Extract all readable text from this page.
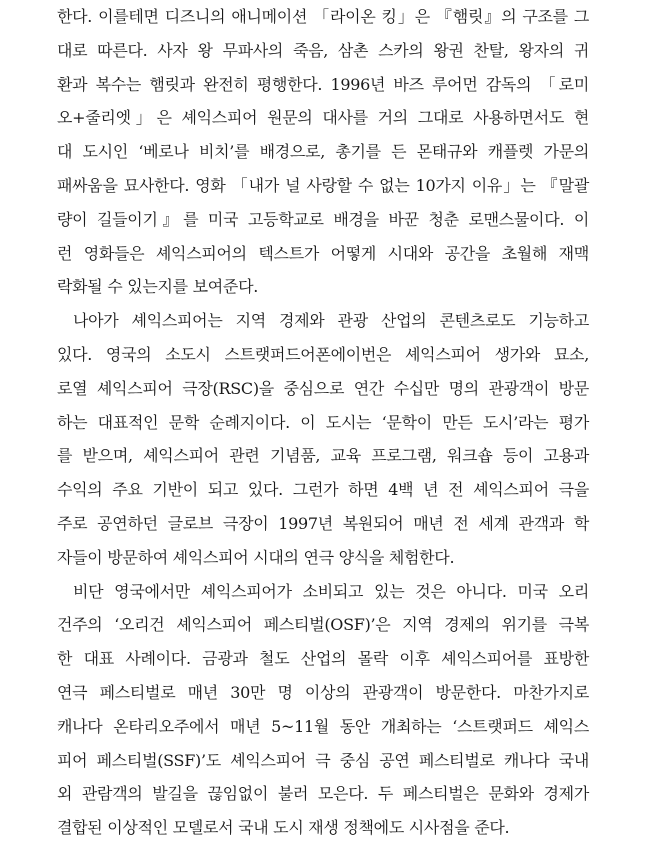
한다. 이를테면 디즈니의 애니메이션 「라이온 킹」은 『햄릿』의 구조를 그
대로 따른다. 사자 왕 무파사의 죽음, 삼촌 스카의 왕권 찬탈, 왕자의 귀
환과 복수는 햄릿과 완전히 평행한다. 1996년 바즈 루어먼 감독의 「로미
오+줄리엣」은 셰익스피어 원문의 대사를 거의 그대로 사용하면서도 현
대 도시인 ‘베로나 비치’를 배경으로, 총기를 든 몬태규와 캐플렛 가문의
패싸움을 묘사한다. 영화 「내가 널 사랑할 수 없는 10가지 이유」는 『말괄
량이 길들이기』를 미국 고등학교로 배경을 바꾼 청춘 로맨스물이다. 이
런 영화들은 셰익스피어의 텍스트가 어떻게 시대와 공간을 초월해 재맥
락화될 수 있는지를 보여준다.
나아가 셰익스피어는 지역 경제와 관광 산업의 콘텐츠로도 기능하고
있다. 영국의 소도시 스트랫퍼드어폰에이번은 셰익스피어 생가와 묘소,
로열 셰익스피어 극장(RSC)을 중심으로 연간 수십만 명의 관광객이 방문
하는 대표적인 문학 순례지이다. 이 도시는 ‘문학이 만든 도시’라는 평가
를 받으며, 셰익스피어 관련 기념품, 교육 프로그램, 워크숍 등이 고용과
수익의 주요 기반이 되고 있다. 그런가 하면 4백 년 전 셰익스피어 극을
주로 공연하던 글로브 극장이 1997년 복원되어 매년 전 세계 관객과 학
자들이 방문하여 셰익스피어 시대의 연극 양식을 체험한다.
비단 영국에서만 셰익스피어가 소비되고 있는 것은 아니다. 미국 오리
건주의 ‘오리건 셰익스피어 페스티벌(OSF)’은 지역 경제의 위기를 극복
한 대표 사례이다. 금광과 철도 산업의 몰락 이후 셰익스피어를 표방한
연극 페스티벌로 매년 30만 명 이상의 관광객이 방문한다. 마찬가지로
캐나다 온타리오주에서 매년 5~11월 동안 개최하는 ‘스트랫퍼드 셰익스
피어 페스티벌(SSF)’도 셰익스피어 극 중심 공연 페스티벌로 캐나다 국내
외 관람객의 발길을 끊임없이 불러 모은다. 두 페스티벌은 문화와 경제가
결합된 이상적인 모델로서 국내 도시 재생 정책에도 시사점을 준다.
